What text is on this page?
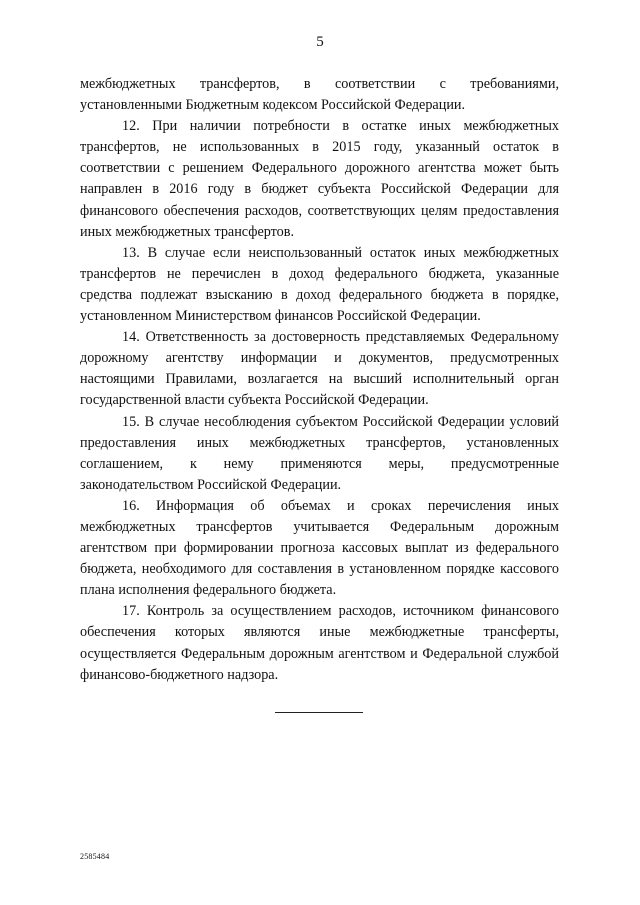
5

межбюджетных трансфертов, в соответствии с требованиями, установленными Бюджетным кодексом Российской Федерации.

12. При наличии потребности в остатке иных межбюджетных трансфертов, не использованных в 2015 году, указанный остаток в соответствии с решением Федерального дорожного агентства может быть направлен в 2016 году в бюджет субъекта Российской Федерации для финансового обеспечения расходов, соответствующих целям предоставления иных межбюджетных трансфертов.

13. В случае если неиспользованный остаток иных межбюджетных трансфертов не перечислен в доход федерального бюджета, указанные средства подлежат взысканию в доход федерального бюджета в порядке, установленном Министерством финансов Российской Федерации.

14. Ответственность за достоверность представляемых Федеральному дорожному агентству информации и документов, предусмотренных настоящими Правилами, возлагается на высший исполнительный орган государственной власти субъекта Российской Федерации.

15. В случае несоблюдения субъектом Российской Федерации условий предоставления иных межбюджетных трансфертов, установленных соглашением, к нему применяются меры, предусмотренные законодательством Российской Федерации.

16. Информация об объемах и сроках перечисления иных межбюджетных трансфертов учитывается Федеральным дорожным агентством при формировании прогноза кассовых выплат из федерального бюджета, необходимого для составления в установленном порядке кассового плана исполнения федерального бюджета.

17. Контроль за осуществлением расходов, источником финансового обеспечения которых являются иные межбюджетные трансферты, осуществляется Федеральным дорожным агентством и Федеральной службой финансово-бюджетного надзора.

2585484
